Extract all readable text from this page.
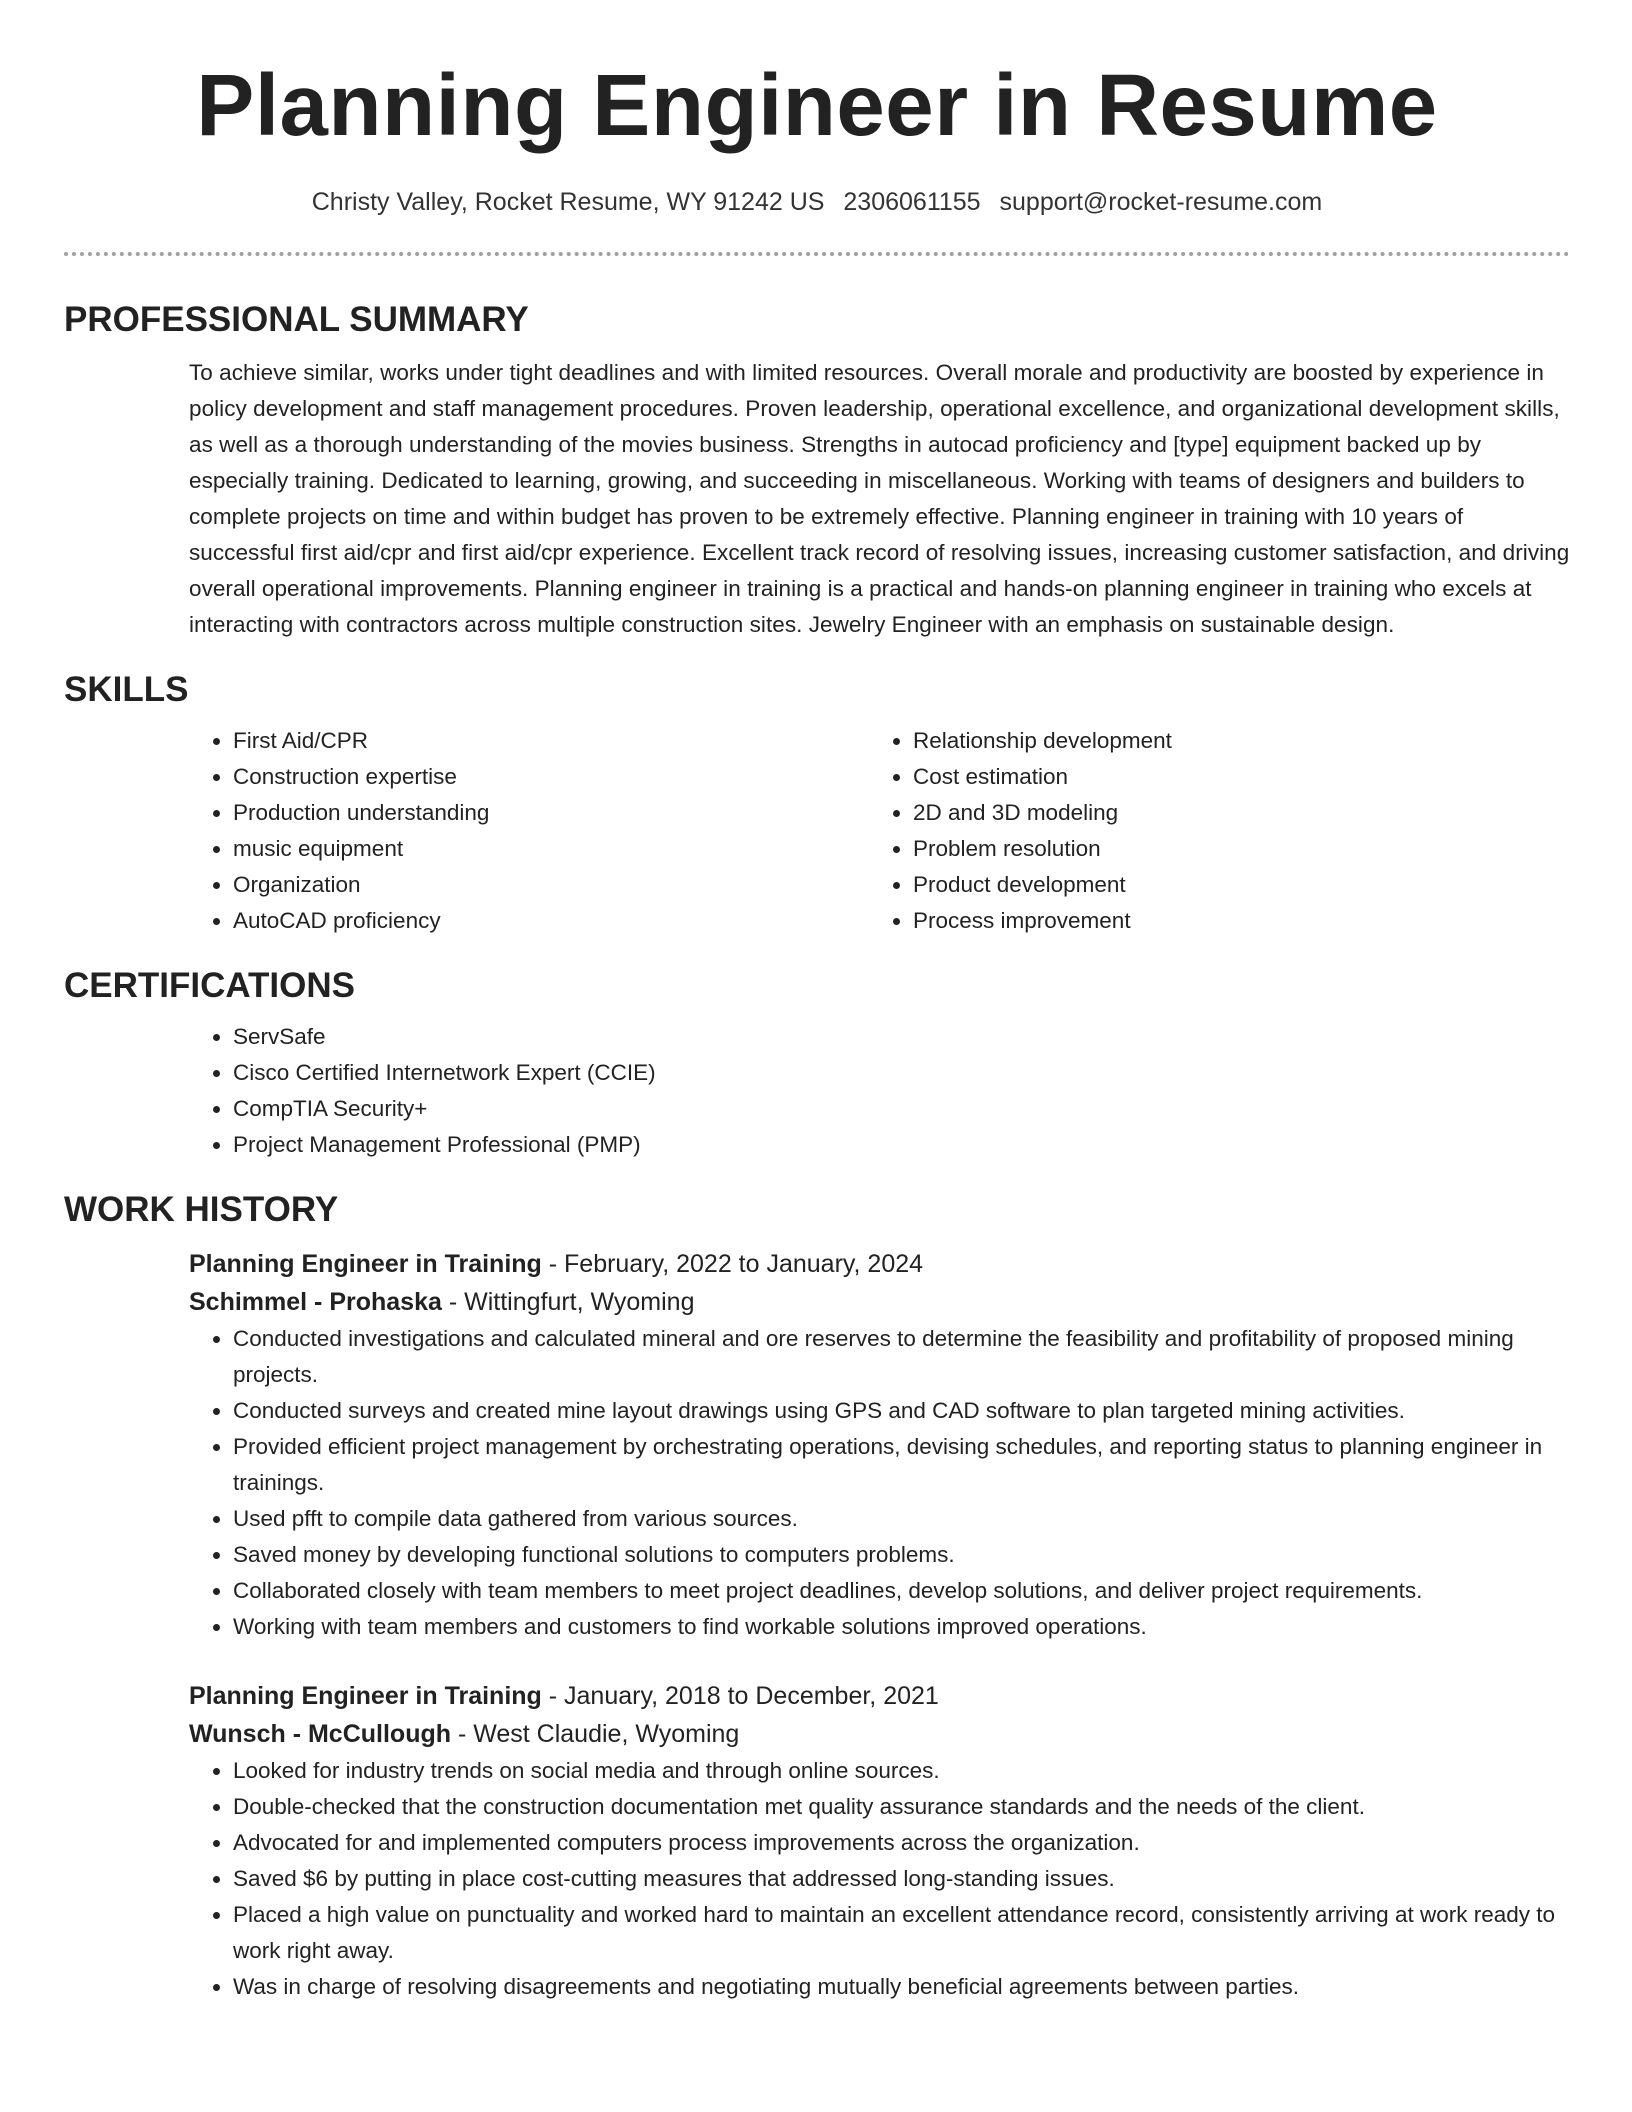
Planning Engineer in Resume
Christy Valley, Rocket Resume, WY 91242 US 2306061155 support@rocket-resume.com
PROFESSIONAL SUMMARY

To achieve similar, works under tight deadlines and with limited resources. Overall morale and productivity are boosted by experience in policy development and staff management procedures. Proven leadership, operational excellence, and organizational development skills, as well as a thorough understanding of the movies business. Strengths in autocad proficiency and [type] equipment backed up by especially training. Dedicated to learning, growing, and succeeding in miscellaneous. Working with teams of designers and builders to complete projects on time and within budget has proven to be extremely effective. Planning engineer in training with 10 years of successful first aid/cpr and first aid/cpr experience. Excellent track record of resolving issues, increasing customer satisfaction, and driving overall operational improvements. Planning engineer in training is a practical and hands-on planning engineer in training who excels at interacting with contractors across multiple construction sites. Jewelry Engineer with an emphasis on sustainable design.

SKILLS
• First Aid/CPR
• Construction expertise
• Production understanding
• music equipment
• Organization
• AutoCAD proficiency
• Relationship development
• Cost estimation
• 2D and 3D modeling
• Problem resolution
• Product development
• Process improvement
CERTIFICATIONS
• ServSafe
• Cisco Certified Internetwork Expert (CCIE)
• CompTIA Security+
• Project Management Professional (PMP)
WORK HISTORY
Planning Engineer in Training - February, 2022 to January, 2024
Schimmel - Prohaska - Wittingfurt, Wyoming
• Conducted investigations and calculated mineral and ore reserves to determine the feasibility and profitability of proposed mining projects.
• Conducted surveys and created mine layout drawings using GPS and CAD software to plan targeted mining activities.
• Provided efficient project management by orchestrating operations, devising schedules, and reporting status to planning engineer in trainings.
• Used pfft to compile data gathered from various sources.
• Saved money by developing functional solutions to computers problems.
• Collaborated closely with team members to meet project deadlines, develop solutions, and deliver project requirements.
• Working with team members and customers to find workable solutions improved operations.
Planning Engineer in Training - January, 2018 to December, 2021
Wunsch - McCullough - West Claudie, Wyoming
• Looked for industry trends on social media and through online sources.
• Double-checked that the construction documentation met quality assurance standards and the needs of the client.
• Advocated for and implemented computers process improvements across the organization.
• Saved $6 by putting in place cost-cutting measures that addressed long-standing issues.
• Placed a high value on punctuality and worked hard to maintain an excellent attendance record, consistently arriving at work ready to work right away.
• Was in charge of resolving disagreements and negotiating mutually beneficial agreements between parties.
